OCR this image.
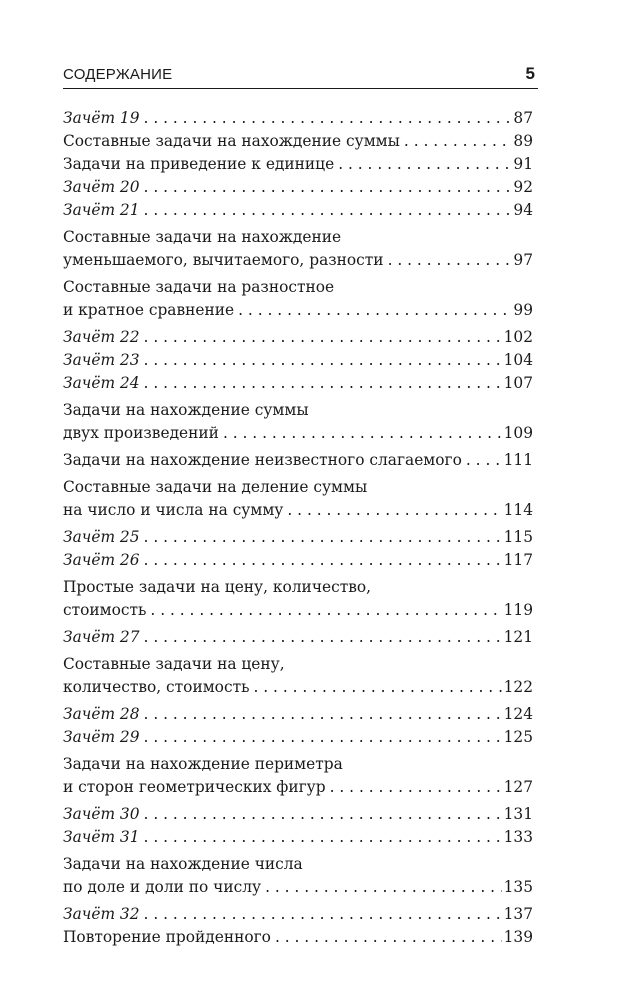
СОДЕРЖАНИЕ	5
Зачёт 19 . . .	87
Составные задачи на нахождение суммы . . .	89
Задачи на приведение к единице . . .	91
Зачёт 20 . . .	92
Зачёт 21 . . .	94
Составные задачи на нахождение
уменьшаемого, вычитаемого, разности . . .	97
Составные задачи на разностное
и кратное сравнение . . .	99
Зачёт 22 . . .	102
Зачёт 23 . . .	104
Зачёт 24 . . .	107
Задачи на нахождение суммы
двух произведений . . .	109
Задачи на нахождение неизвестного слагаемого . . .	111
Составные задачи на деление суммы
на число и числа на сумму . . .	114
Зачёт 25 . . .	115
Зачёт 26 . . .	117
Простые задачи на цену, количество,
стоимость . . .	119
Зачёт 27 . . .	121
Составные задачи на цену,
количество, стоимость . . .	122
Зачёт 28 . . .	124
Зачёт 29 . . .	125
Задачи на нахождение периметра
и сторон геометрических фигур . . .	127
Зачёт 30 . . .	131
Зачёт 31 . . .	133
Задачи на нахождение числа
по доле и доли по числу . . .	135
Зачёт 32 . . .	137
Повторение пройденного . . .	139
